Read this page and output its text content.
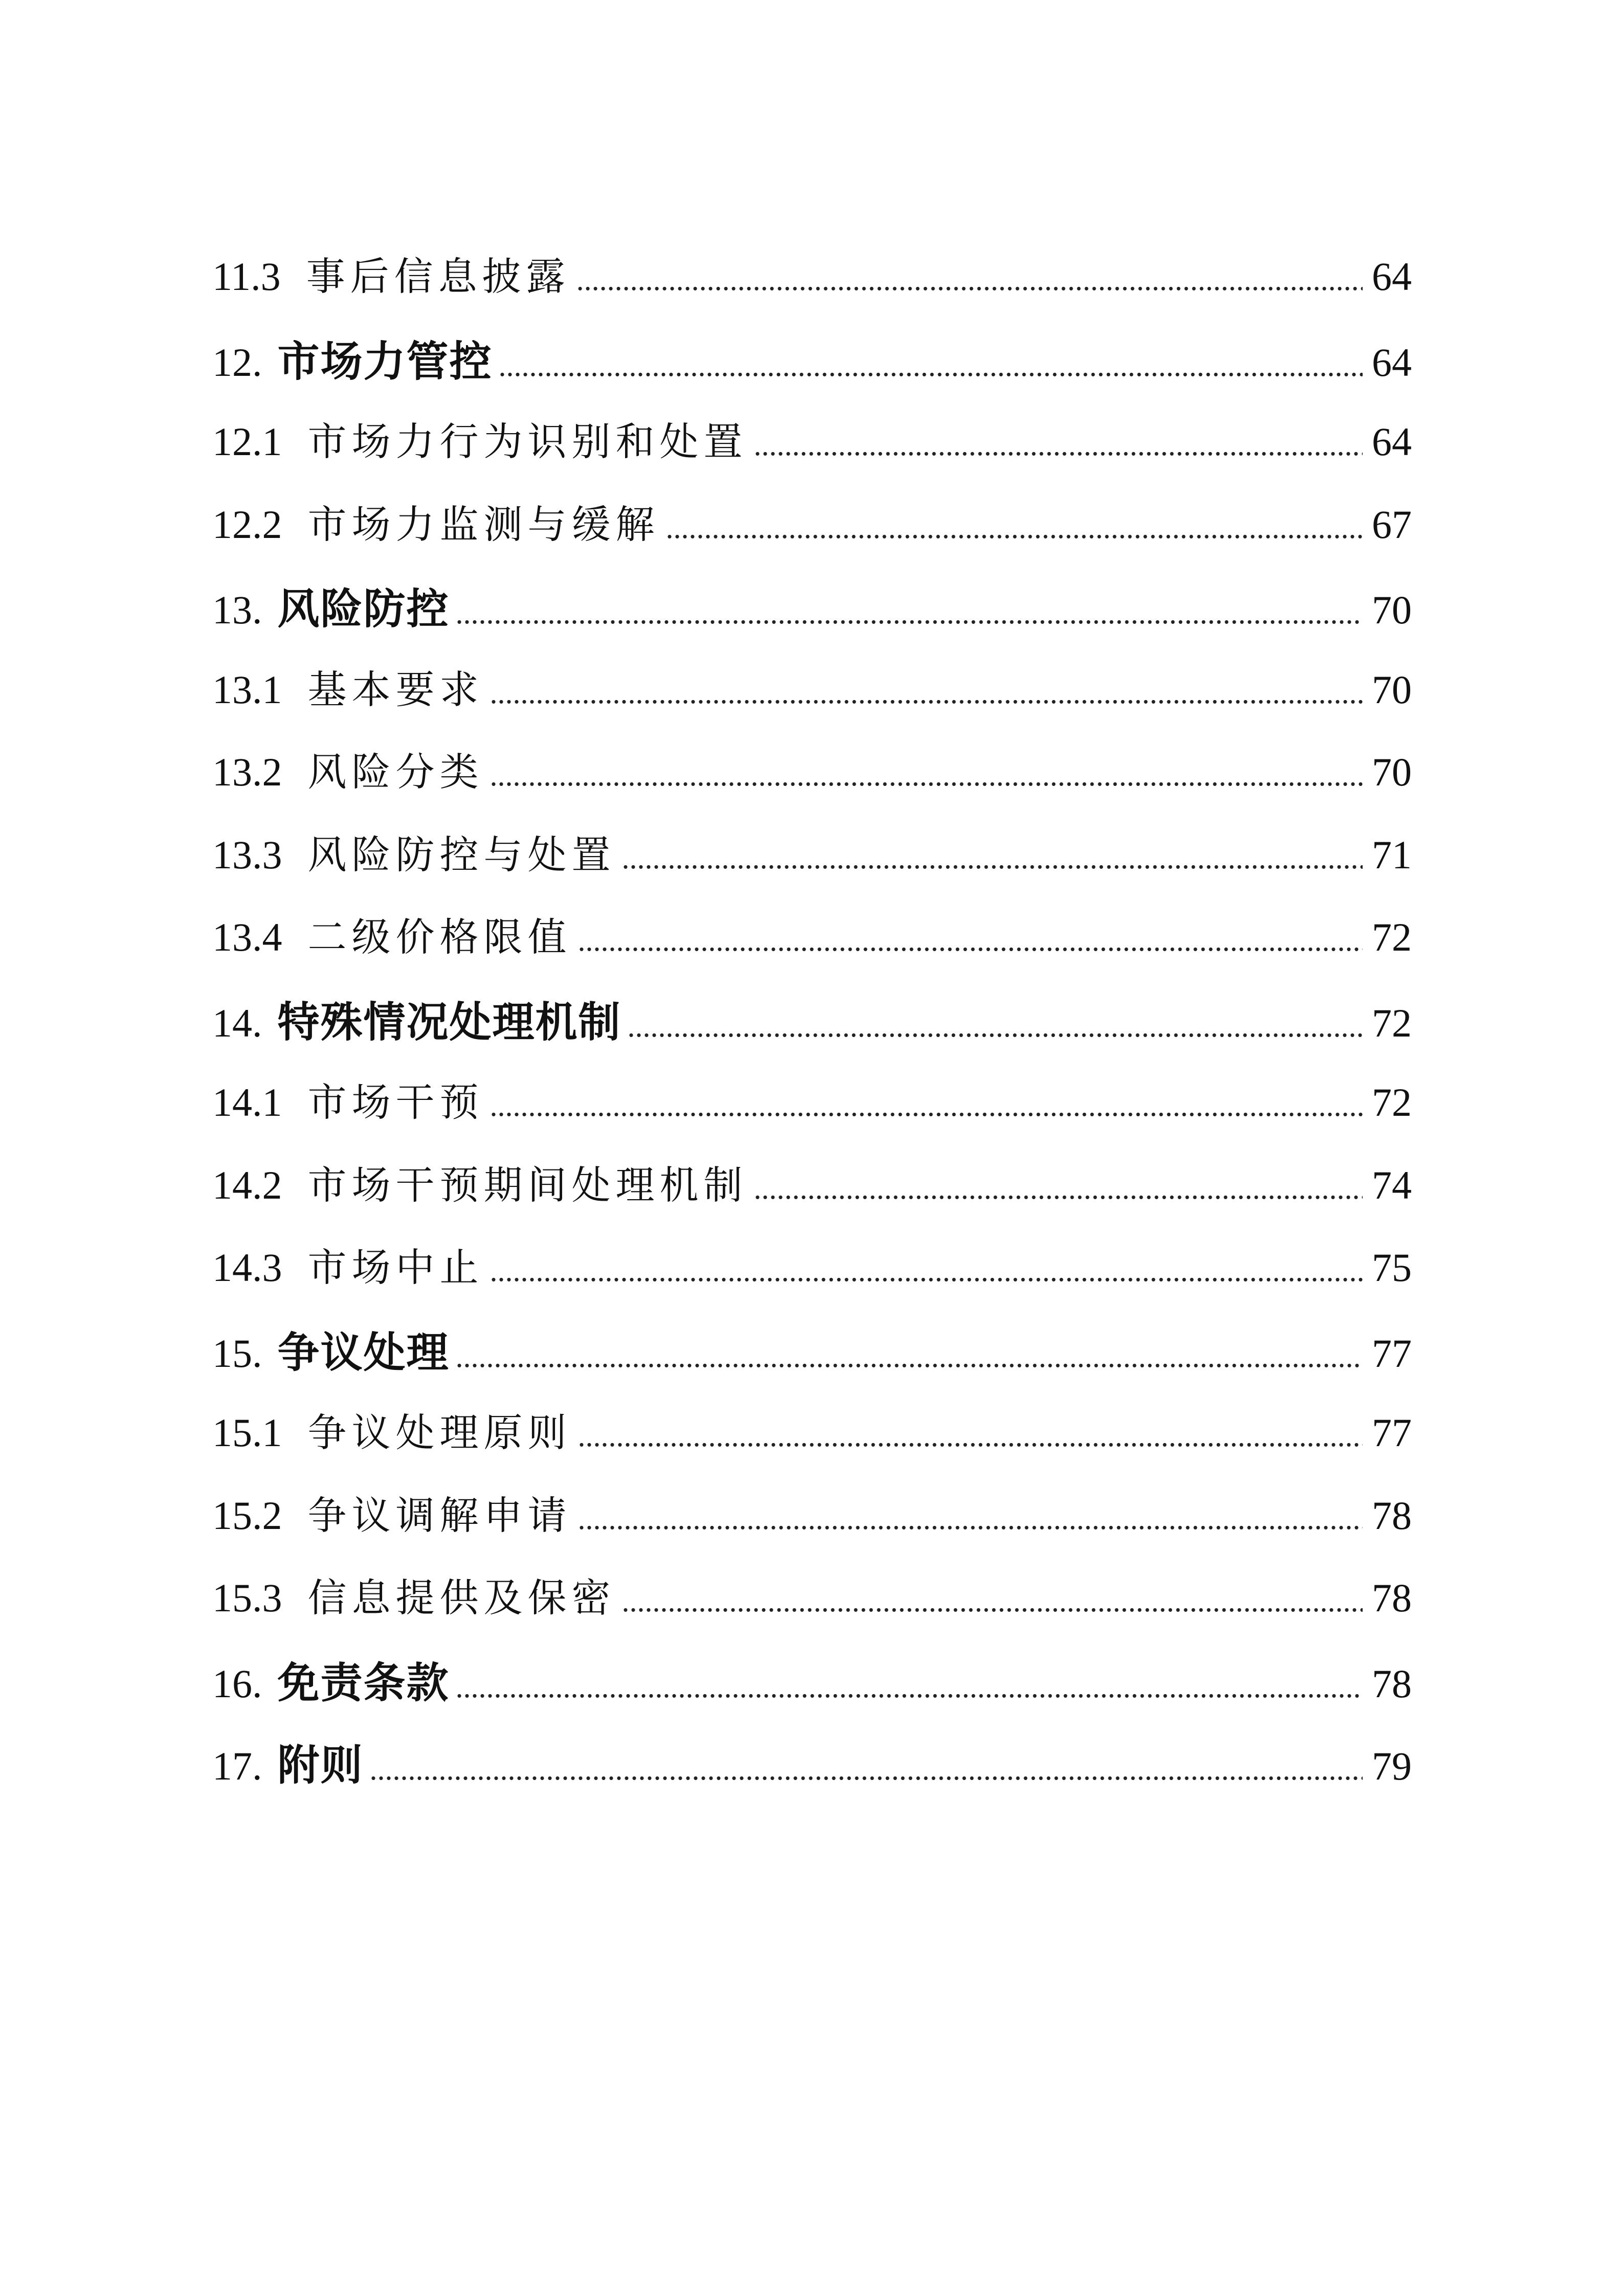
11.3 事后信息披露 .....	64
12. 市场力管控 .....	64
12.1 市场力行为识别和处置 .....	64
12.2 市场力监测与缓解 .....	67
13. 风险防控 .....	70
13.1 基本要求 .....	70
13.2 风险分类 .....	70
13.3 风险防控与处置 .....	71
13.4 二级价格限值 .....	72
14. 特殊情况处理机制 .....	72
14.1 市场干预 .....	72
14.2 市场干预期间处理机制 .....	74
14.3 市场中止 .....	75
15. 争议处理 .....	77
15.1 争议处理原则 .....	77
15.2 争议调解申请 .....	78
15.3 信息提供及保密 .....	78
16. 免责条款 .....	78
17. 附则 .....	79
